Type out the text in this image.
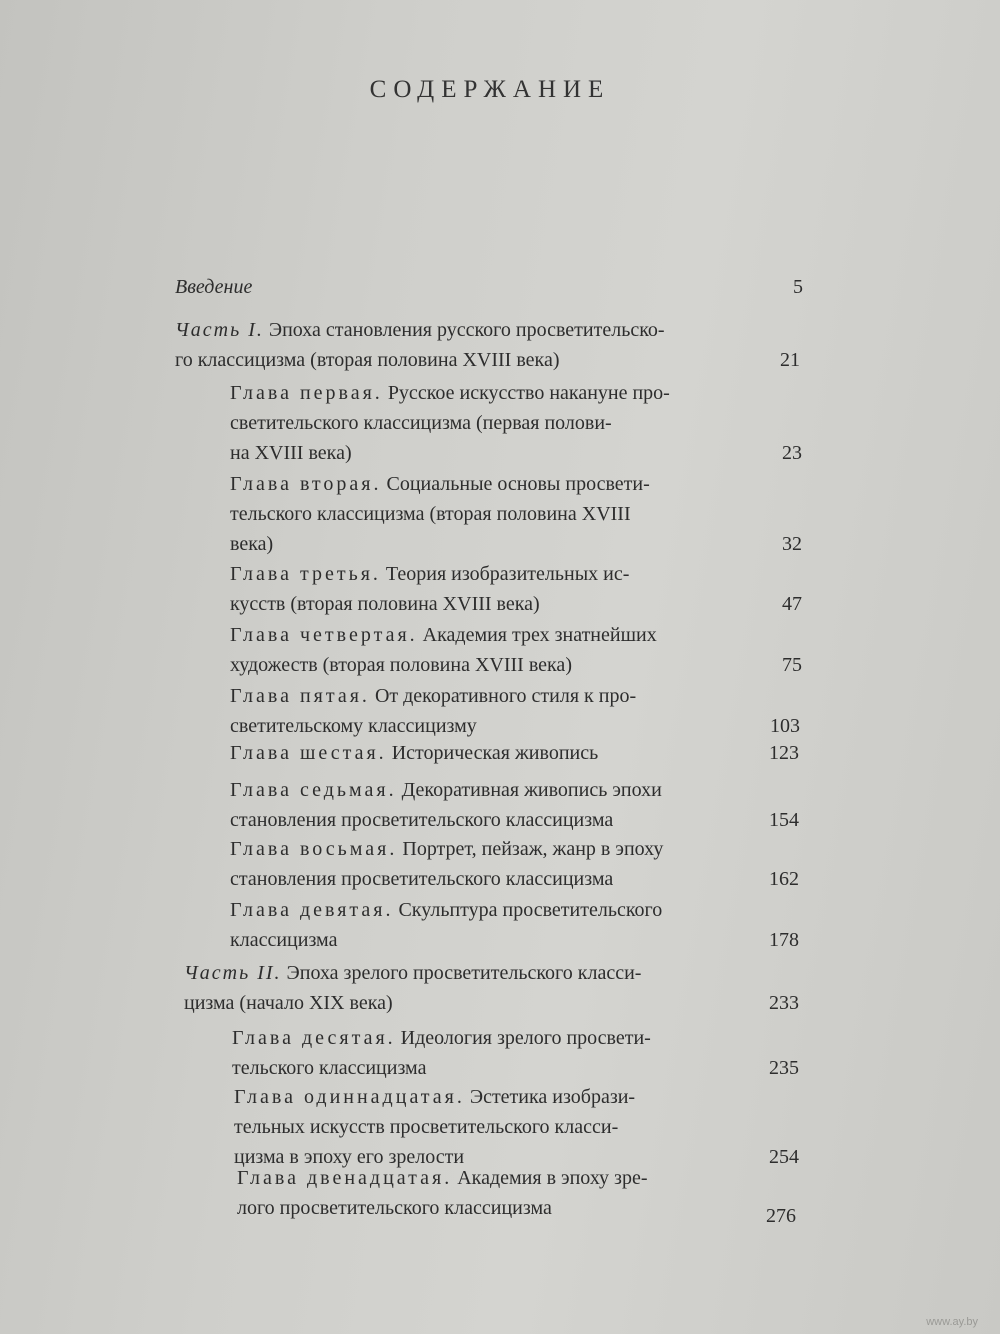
СОДЕРЖАНИЕ
Введение	5
Часть I. Эпоха становления русского просветительско-
го классицизма (вторая половина XVIII века)	21
Глава первая. Русское искусство накануне про-
светительского классицизма (первая полови-
на XVIII века)	23
Глава вторая. Социальные основы просвети-
тельского классицизма (вторая половина XVIII
века)	32
Глава третья. Теория изобразительных ис-
кусств (вторая половина XVIII века)	47
Глава четвертая. Академия трех знатнейших
художеств (вторая половина XVIII века)	75
Глава пятая. От декоративного стиля к про-
светительскому классицизму	103
Глава шестая. Историческая живопись	123
Глава седьмая. Декоративная живопись эпохи
становления просветительского классицизма	154
Глава восьмая. Портрет, пейзаж, жанр в эпоху
становления просветительского классицизма	162
Глава девятая. Скульптура просветительского
классицизма	178
Часть II. Эпоха зрелого просветительского класси-
цизма (начало XIX века)	233
Глава десятая. Идеология зрелого просвети-
тельского классицизма	235
Глава одиннадцатая. Эстетика изобрази-
тельных искусств просветительского класси-
цизма в эпоху его зрелости	254
Глава двенадцатая. Академия в эпоху зре-
лого просветительского классицизма	276
www.ay.by
